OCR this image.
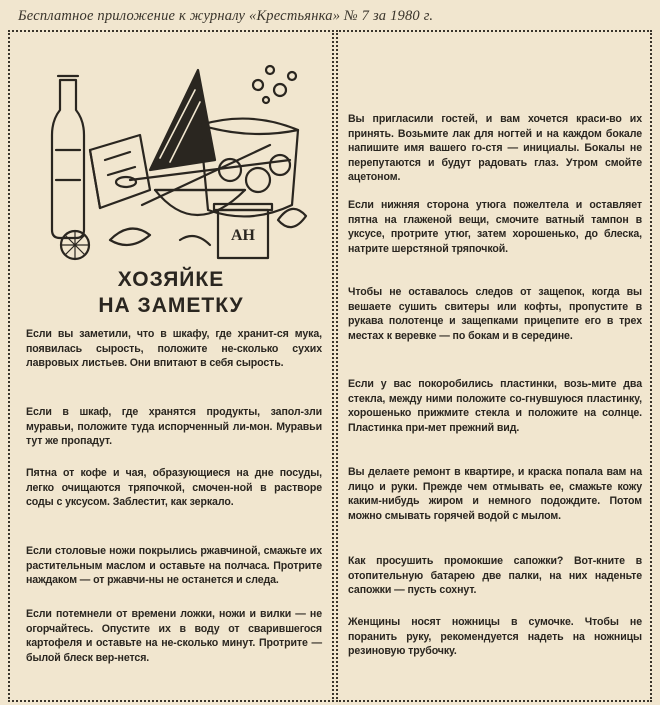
Бесплатное приложение к журналу «Крестьянка» № 7 за 1980 г.
АН
ХОЗЯЙКЕ
НА ЗАМЕТКУ
Если вы заметили, что в шкафу, где хранит-ся мука, появилась сырость, положите не-сколько сухих лавровых листьев. Они впитают в себя сырость.
Если в шкаф, где хранятся продукты, запол-зли муравьи, положите туда испорченный ли-мон. Муравьи тут же пропадут.
Пятна от кофе и чая, образующиеся на дне посуды, легко очищаются тряпочкой, смочен-ной в растворе соды с уксусом. Заблестит, как зеркало.
Если столовые ножи покрылись ржавчиной, смажьте их растительным маслом и оставьте на полчаса. Протрите наждаком — от ржавчи-ны не останется и следа.
Если потемнели от времени ложки, ножи и вилки — не огорчайтесь. Опустите их в воду от сварившегося картофеля и оставьте на не-сколько минут. Протрите — былой блеск вер-нется.
Вы пригласили гостей, и вам хочется краси-во их принять. Возьмите лак для ногтей и на каждом бокале напишите имя вашего го-стя — инициалы. Бокалы не перепутаются и будут радовать глаз. Утром смойте ацетоном.
Если нижняя сторона утюга пожелтела и оставляет пятна на глаженой вещи, смочите ватный тампон в уксусе, протрите утюг, затем хорошенько, до блеска, натрите шерстяной тряпочкой.
Чтобы не оставалось следов от защепок, когда вы вешаете сушить свитеры или кофты, пропустите в рукава полотенце и защепками прицепите его в трех местах к веревке — по бокам и в середине.
Если у вас покоробились пластинки, возь-мите два стекла, между ними положите со-гнувшуюся пластинку, хорошенько прижмите стекла и положите на солнце. Пластинка при-мет прежний вид.
Вы делаете ремонт в квартире, и краска попала вам на лицо и руки. Прежде чем отмывать ее, смажьте кожу каким-нибудь жиром и немного подождите. Потом можно смывать горячей водой с мылом.
Как просушить промокшие сапожки? Вот-кните в отопительную батарею две палки, на них наденьте сапожки — пусть сохнут.
Женщины носят ножницы в сумочке. Чтобы не поранить руку, рекомендуется надеть на ножницы резиновую трубочку.
